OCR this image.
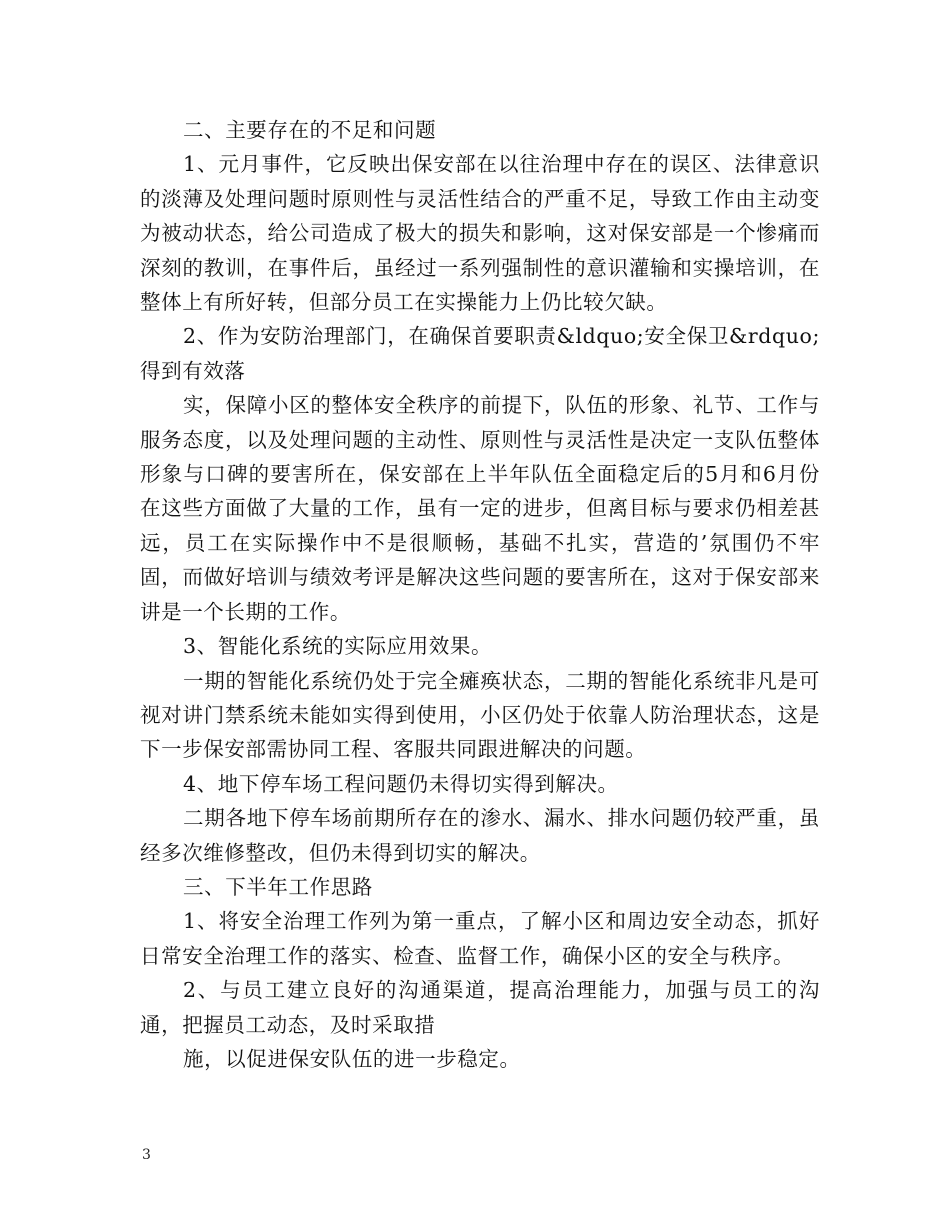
二、主要存在的不足和问题

1、元月事件，它反映出保安部在以往治理中存在的误区、法律意识的淡薄及处理问题时原则性与灵活性结合的严重不足，导致工作由主动变为被动状态，给公司造成了极大的损失和影响，这对保安部是一个惨痛而深刻的教训，在事件后，虽经过一系列强制性的意识灌输和实操培训，在整体上有所好转，但部分员工在实操能力上仍比较欠缺。

2、作为安防治理部门，在确保首要职责&ldquo;安全保卫&rdquo;得到有效落

实，保障小区的整体安全秩序的前提下，队伍的形象、礼节、工作与服务态度，以及处理问题的主动性、原则性与灵活性是决定一支队伍整体形象与口碑的要害所在，保安部在上半年队伍全面稳定后的5月和6月份在这些方面做了大量的工作，虽有一定的进步，但离目标与要求仍相差甚远，员工在实际操作中不是很顺畅，基础不扎实，营造的’氛围仍不牢固，而做好培训与绩效考评是解决这些问题的要害所在，这对于保安部来讲是一个长期的工作。

3、智能化系统的实际应用效果。

一期的智能化系统仍处于完全瘫痪状态，二期的智能化系统非凡是可视对讲门禁系统未能如实得到使用，小区仍处于依靠人防治理状态，这是下一步保安部需协同工程、客服共同跟进解决的问题。

4、地下停车场工程问题仍未得切实得到解决。

二期各地下停车场前期所存在的渗水、漏水、排水问题仍较严重，虽经多次维修整改，但仍未得到切实的解决。

三、下半年工作思路

1、将安全治理工作列为第一重点，了解小区和周边安全动态，抓好日常安全治理工作的落实、检查、监督工作，确保小区的安全与秩序。

2、与员工建立良好的沟通渠道，提高治理能力，加强与员工的沟通，把握员工动态，及时采取措

施，以促进保安队伍的进一步稳定。

3
